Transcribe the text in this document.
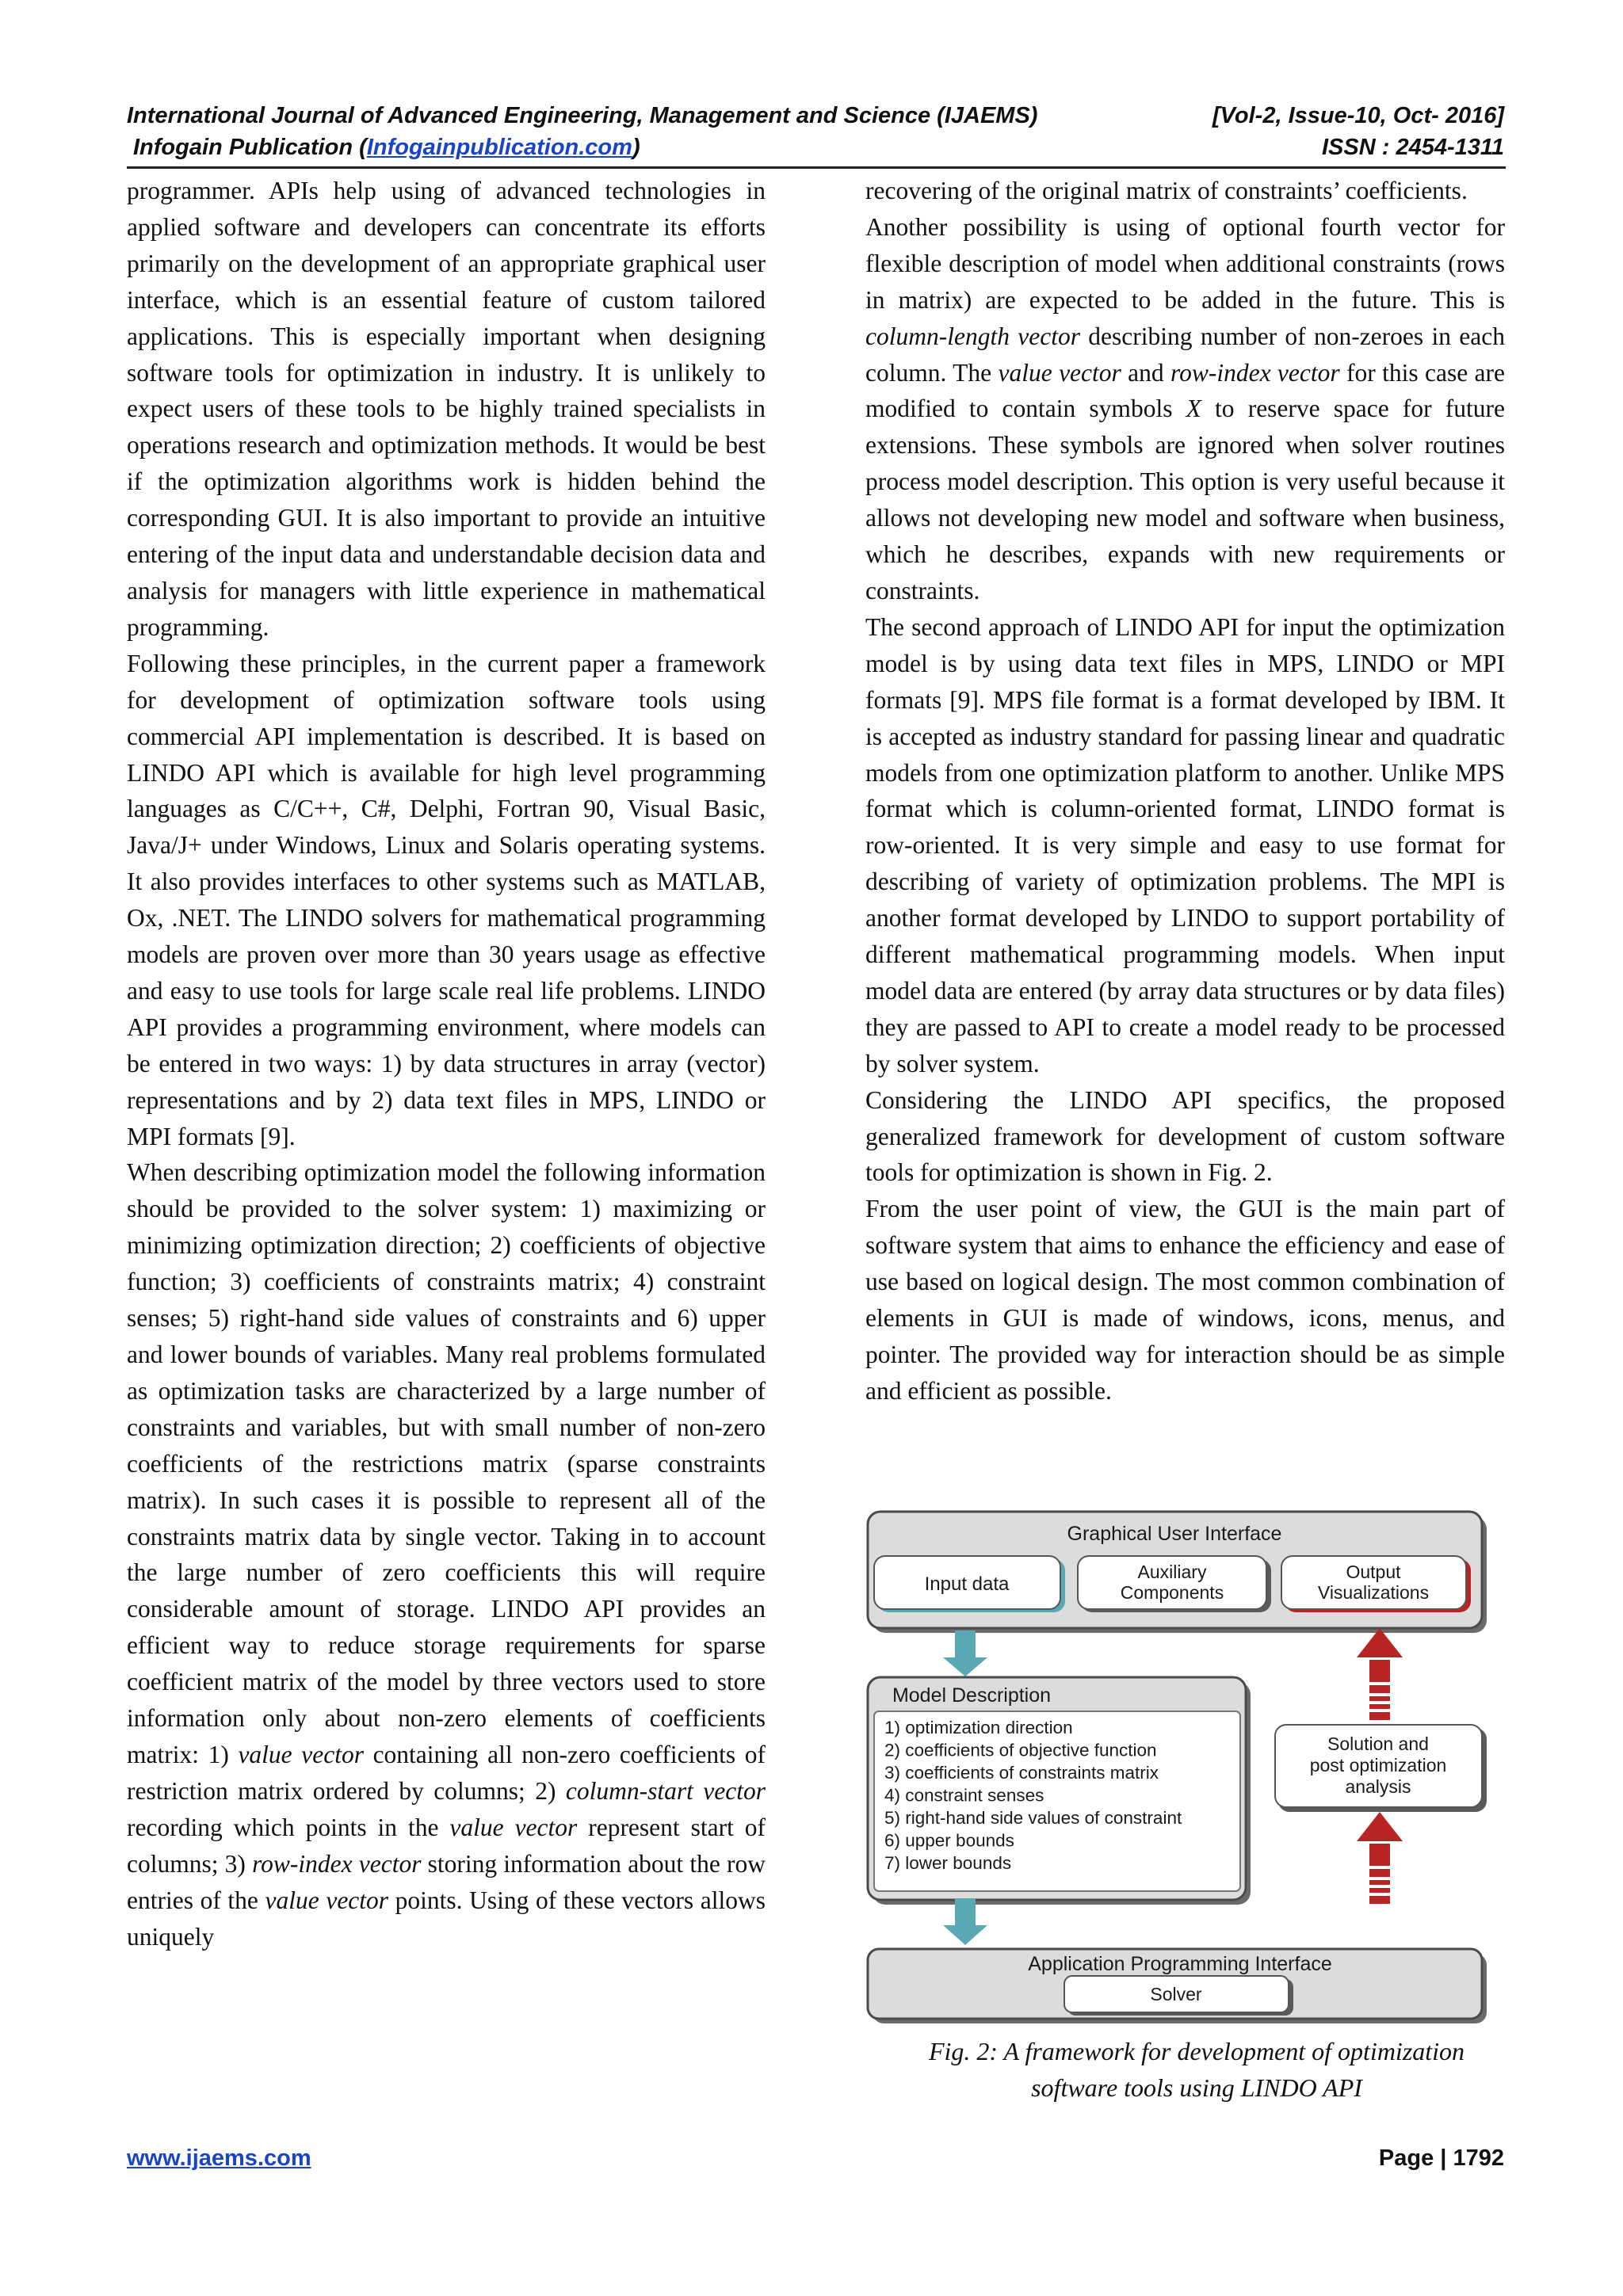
International Journal of Advanced Engineering, Management and Science (IJAEMS)	[Vol-2, Issue-10, Oct- 2016]
Infogain Publication (Infogainpublication.com)	ISSN : 2454-1311

programmer. APIs help using of advanced technologies in applied software and developers can concentrate its efforts primarily on the development of an appropriate graphical user interface, which is an essential feature of custom tailored applications. This is especially important when designing software tools for optimization in industry. It is unlikely to expect users of these tools to be highly trained specialists in operations research and optimization methods. It would be best if the optimization algorithms work is hidden behind the corresponding GUI. It is also important to provide an intuitive entering of the input data and understandable decision data and analysis for managers with little experience in mathematical programming.

Following these principles, in the current paper a framework for development of optimization software tools using commercial API implementation is described. It is based on LINDO API which is available for high level programming languages as C/C++, C#, Delphi, Fortran 90, Visual Basic, Java/J+ under Windows, Linux and Solaris operating systems. It also provides interfaces to other systems such as MATLAB, Ox, .NET. The LINDO solvers for mathematical programming models are proven over more than 30 years usage as effective and easy to use tools for large scale real life problems. LINDO API provides a programming environment, where models can be entered in two ways: 1) by data structures in array (vector) representations and by 2) data text files in MPS, LINDO or MPI formats [9].

When describing optimization model the following information should be provided to the solver system: 1) maximizing or minimizing optimization direction; 2) coefficients of objective function; 3) coefficients of constraints matrix; 4) constraint senses; 5) right-hand side values of constraints and 6) upper and lower bounds of variables. Many real problems formulated as optimization tasks are characterized by a large number of constraints and variables, but with small number of non-zero coefficients of the restrictions matrix (sparse constraints matrix). In such cases it is possible to represent all of the constraints matrix data by single vector. Taking in to account the large number of zero coefficients this will require considerable amount of storage. LINDO API provides an efficient way to reduce storage requirements for sparse coefficient matrix of the model by three vectors used to store information only about non-zero elements of coefficients matrix: 1) value vector containing all non-zero coefficients of restriction matrix ordered by columns; 2) column-start vector recording which points in the value vector represent start of columns; 3) row-index vector storing information about the row entries of the value vector points. Using of these vectors allows uniquely

recovering of the original matrix of constraints’ coefficients.

Another possibility is using of optional fourth vector for flexible description of model when additional constraints (rows in matrix) are expected to be added in the future. This is column-length vector describing number of non-zeroes in each column. The value vector and row-index vector for this case are modified to contain symbols X to reserve space for future extensions. These symbols are ignored when solver routines process model description. This option is very useful because it allows not developing new model and software when business, which he describes, expands with new requirements or constraints.

The second approach of LINDO API for input the optimization model is by using data text files in MPS, LINDO or MPI formats [9]. MPS file format is a format developed by IBM. It is accepted as industry standard for passing linear and quadratic models from one optimization platform to another. Unlike MPS format which is column-oriented format, LINDO format is row-oriented. It is very simple and easy to use format for describing of variety of optimization problems. The MPI is another format developed by LINDO to support portability of different mathematical programming models. When input model data are entered (by array data structures or by data files) they are passed to API to create a model ready to be processed by solver system.

Considering the LINDO API specifics, the proposed generalized framework for development of custom software tools for optimization is shown in Fig. 2.

From the user point of view, the GUI is the main part of software system that aims to enhance the efficiency and ease of use based on logical design. The most common combination of elements in GUI is made of windows, icons, menus, and pointer. The provided way for interaction should be as simple and efficient as possible.

Graphical User Interface
Input data
Auxiliary
Components
Output
Visualizations
Model Description
1) optimization direction
2) coefficients of objective function
3) coefficients of constraints matrix
4) constraint senses
5) right-hand side values of constraint
6) upper bounds
7) lower bounds
Solution and
post optimization
analysis
Application Programming Interface
Solver
Fig. 2: A framework for development of optimization
software tools using LINDO API
www.ijaems.com	Page | 1792
